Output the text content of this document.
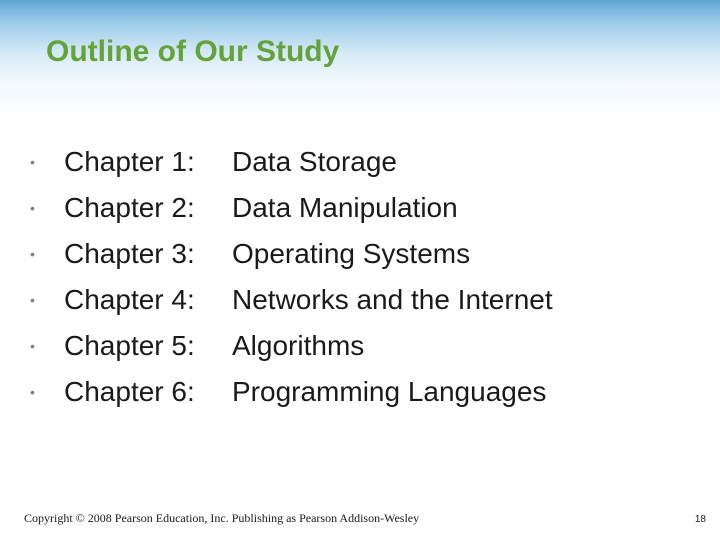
Outline of Our Study
•	Chapter 1:	Data Storage
•	Chapter 2:	Data Manipulation
•	Chapter 3:	Operating Systems
•	Chapter 4:	Networks and the Internet
•	Chapter 5:	Algorithms
•	Chapter 6:	Programming Languages
Copyright © 2008 Pearson Education, Inc. Publishing as Pearson Addison-Wesley	18
